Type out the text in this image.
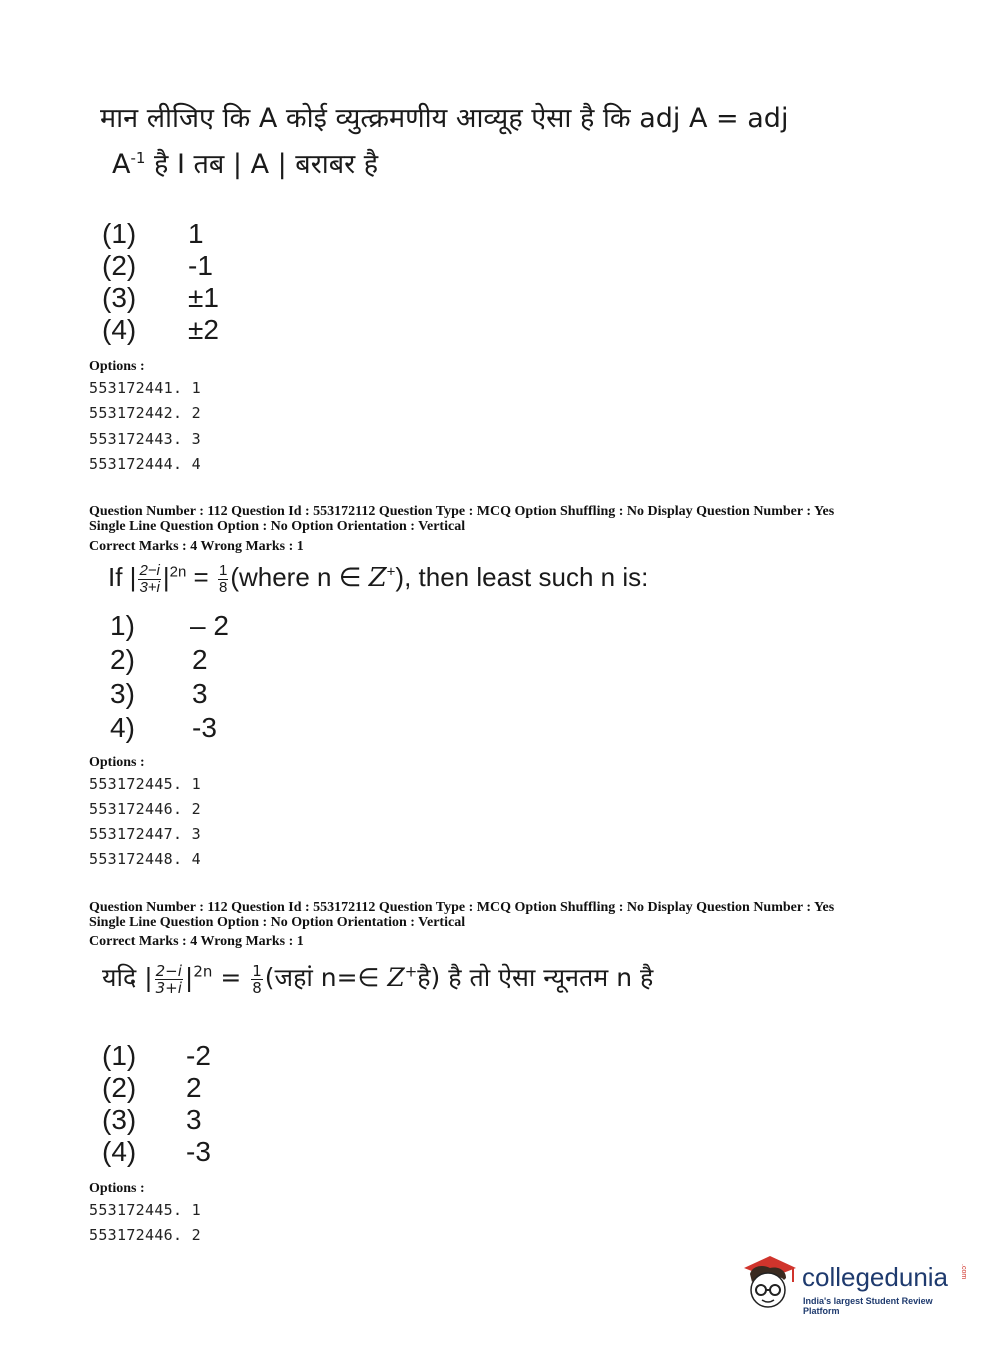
मान लीजिए कि A कोई व्युत्क्रमणीय आव्यूह ऐसा है कि adj A = adj
$A^{-1}$ है I तब | A | बराबर है
(1) 1
(2) -1
(3) ±1
(4) ±2
Options :
553172441. 1
553172442. 2
553172443. 3
553172444. 4
Question Number : 112 Question Id : 553172112 Question Type : MCQ Option Shuffling : No Display Question Number : Yes
Single Line Question Option : No Option Orientation : Vertical
Correct Marks : 4 Wrong Marks : 1
If | $\frac{2-i}{3+i} |^{2n} = \frac{1}{8}$ (where n ∈ Z+), then least such n is:
1) – 2
2) 2
3) 3
4) -3
Options :
553172445. 1
553172446. 2
553172447. 3
553172448. 4
Question Number : 112 Question Id : 553172112 Question Type : MCQ Option Shuffling : No Display Question Number : Yes
Single Line Question Option : No Option Orientation : Vertical
Correct Marks : 4 Wrong Marks : 1
यदि | $\frac{2-i}{3+i} |^{2n} = \frac{1}{8}$ (जहां n=∈ Z+है) है तो ऐसा न्यूनतम n है
(1) -2
(2) 2
(3) 3
(4) -3
Options :
553172445. 1
553172446. 2
collegedunia .com
India's largest Student Review Platform
